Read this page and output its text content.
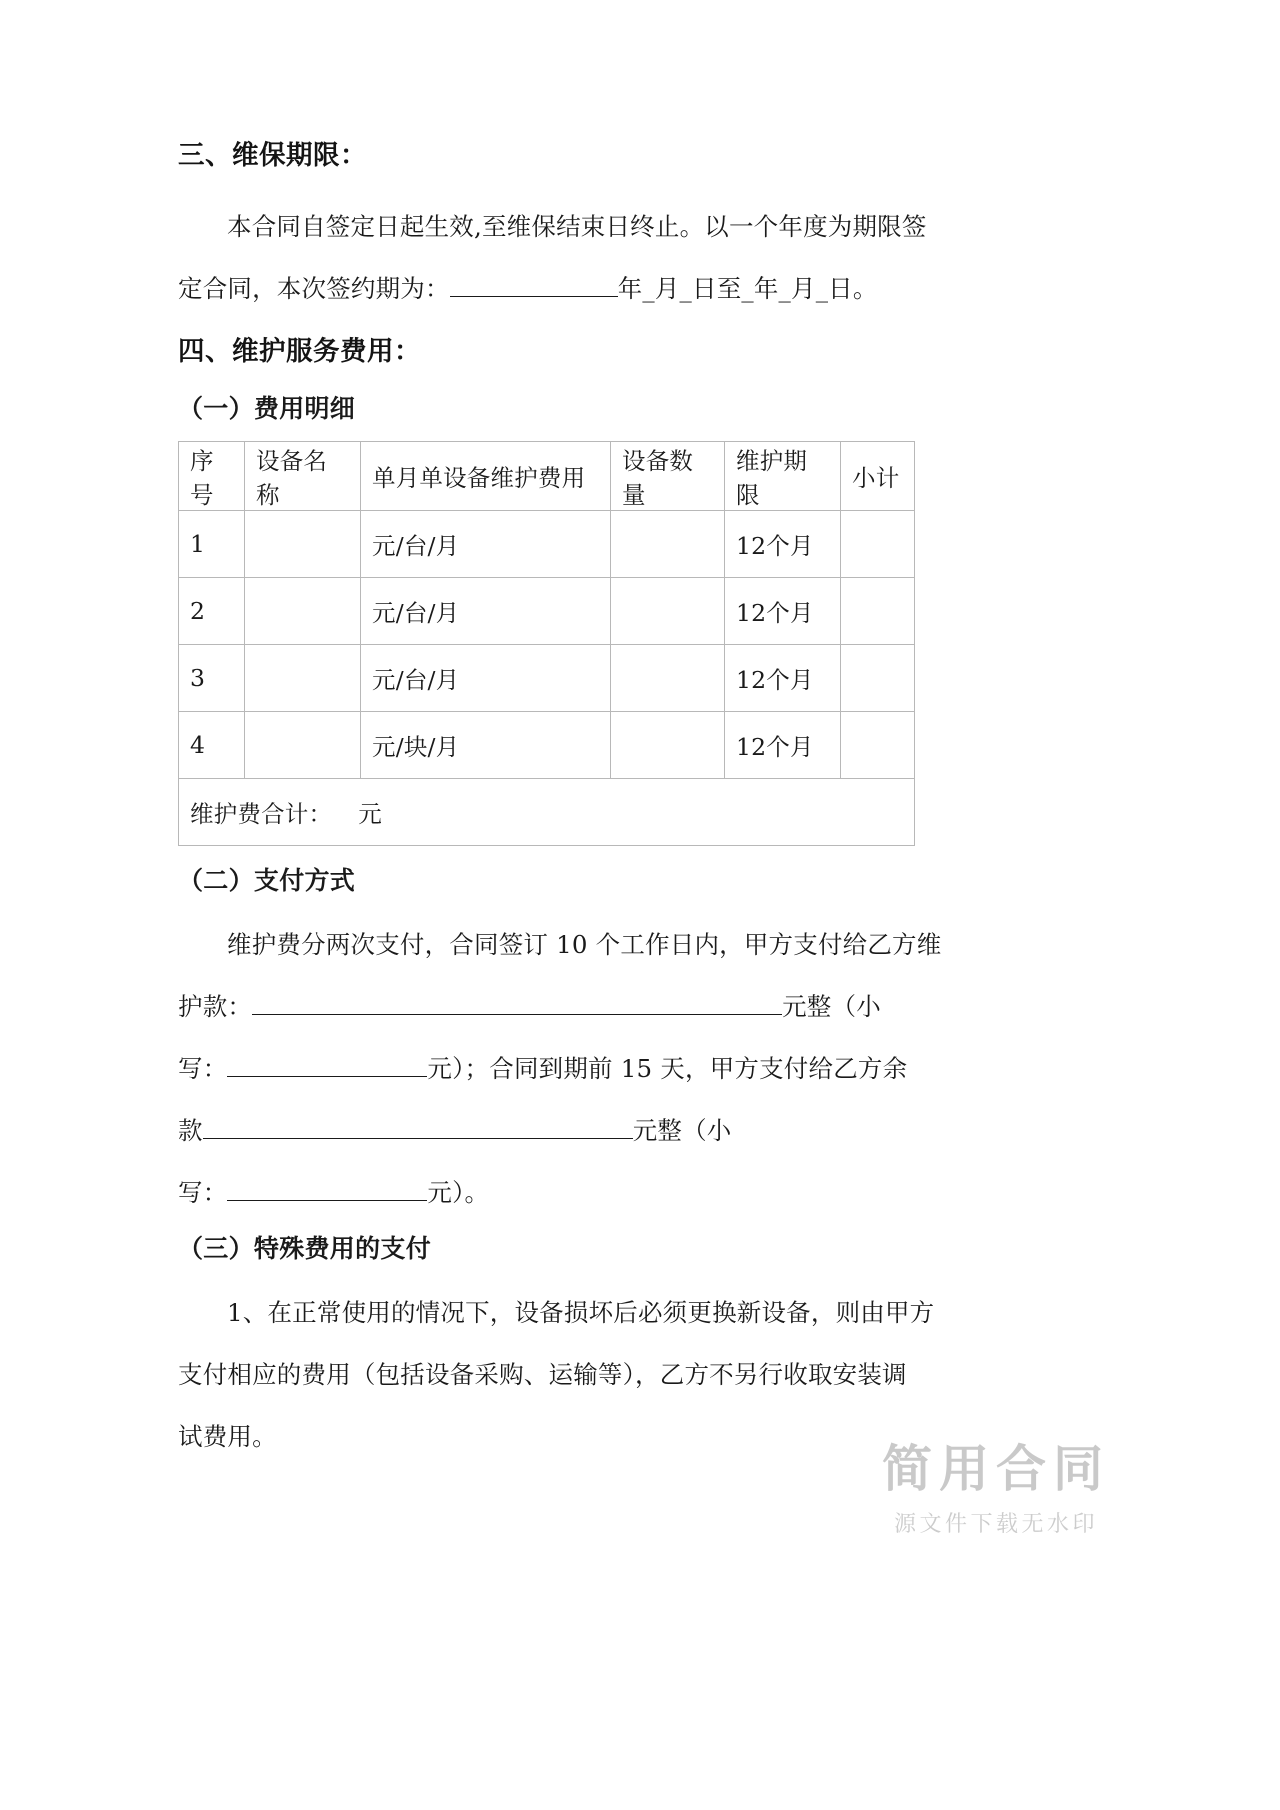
三、维保期限：

本合同自签定日起生效,至维保结束日终止。以一个年度为期限签

定合同，本次签约期为：	年_月_日至_年_月_日。

四、维护服务费用：
（一）费用明细
序号	设备名称	单月单设备维护费用	设备数量	维护期限	小计
1		元/台/月		12个月	
2		元/台/月		12个月	
3		元/台/月		12个月	
4		元/块/月		12个月	
维护费合计： 元					
（二）支付方式

维护费分两次支付，合同签订 10 个工作日内，甲方支付给乙方维

护款：	元整（小

写：	元）；合同到期前 15 天，甲方支付给乙方余

款	元整（小

写：	元）。

（三）特殊费用的支付

1、在正常使用的情况下，设备损坏后必须更换新设备，则由甲方

支付相应的费用（包括设备采购、运输等），乙方不另行收取安装调

试费用。

简用合同
源文件下载无水印
